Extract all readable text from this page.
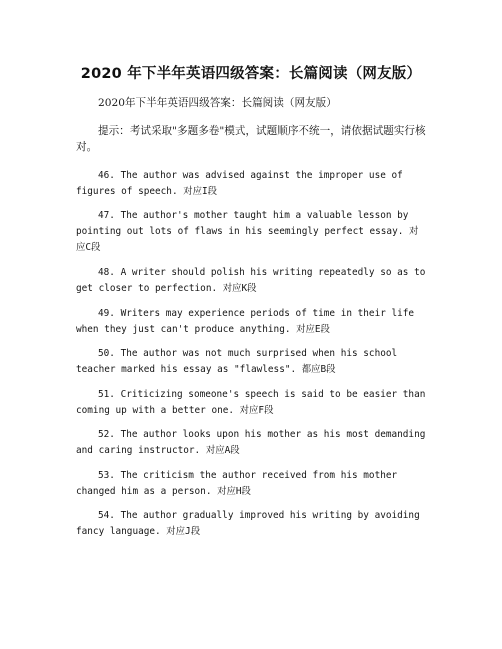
2020 年下半年英语四级答案：长篇阅读（网友版）

2020年下半年英语四级答案：长篇阅读（网友版）

提示：考试采取"多题多卷"模式，试题顺序不统一，请依据试题实行核对。

46. The author was advised against the improper use of figures of speech. 对应I段

47. The author's mother taught him a valuable lesson by pointing out lots of flaws in his seemingly perfect essay. 对应C段

48. A writer should polish his writing repeatedly so as to get closer to perfection. 对应K段

49. Writers may experience periods of time in their life when they just can't produce anything. 对应E段

50. The author was not much surprised when his school teacher marked his essay as "flawless". 都应B段

51. Criticizing someone's speech is said to be easier than coming up with a better one. 对应F段

52. The author looks upon his mother as his most demanding and caring instructor. 对应A段

53. The criticism the author received from his mother changed him as a person. 对应H段

54. The author gradually improved his writing by avoiding fancy language. 对应J段
